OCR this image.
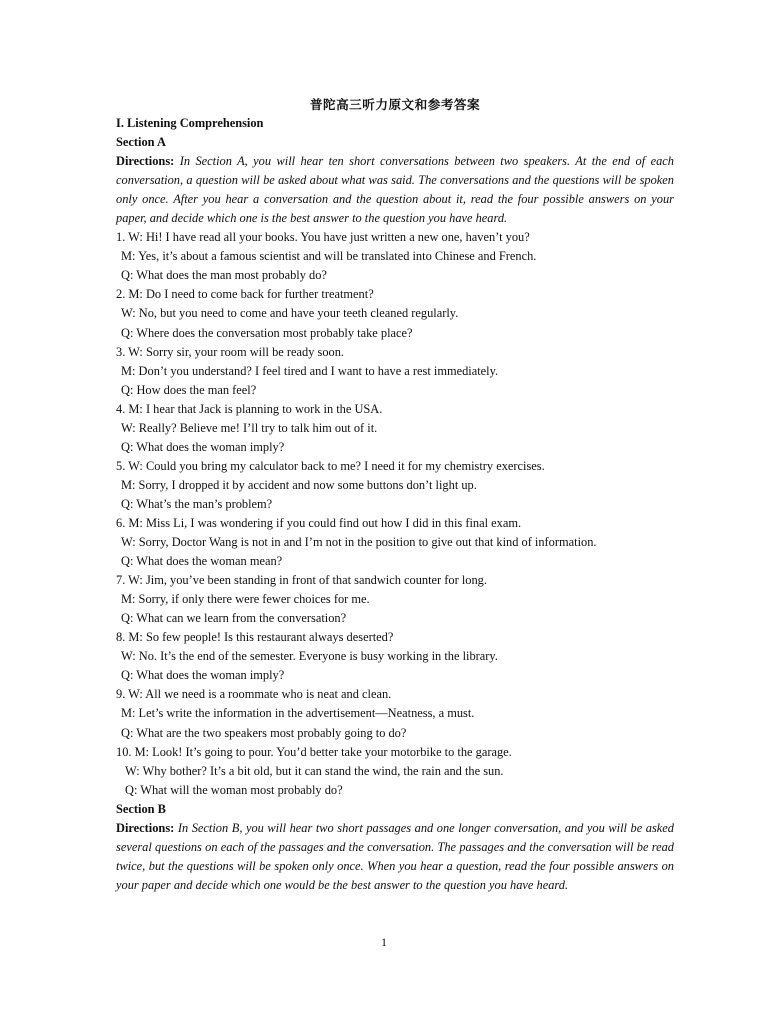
普陀高三听力原文和参考答案
I. Listening Comprehension
Section A
Directions: In Section A, you will hear ten short conversations between two speakers. At the end of each conversation, a question will be asked about what was said. The conversations and the questions will be spoken only once. After you hear a conversation and the question about it, read the four possible answers on your paper, and decide which one is the best answer to the question you have heard.
1. W: Hi! I have read all your books. You have just written a new one, haven’t you?
M: Yes, it’s about a famous scientist and will be translated into Chinese and French.
Q: What does the man most probably do?
2. M: Do I need to come back for further treatment?
W: No, but you need to come and have your teeth cleaned regularly.
Q: Where does the conversation most probably take place?
3. W: Sorry sir, your room will be ready soon.
M: Don’t you understand? I feel tired and I want to have a rest immediately.
Q: How does the man feel?
4. M: I hear that Jack is planning to work in the USA.
W: Really? Believe me! I’ll try to talk him out of it.
Q: What does the woman imply?
5. W: Could you bring my calculator back to me? I need it for my chemistry exercises.
M: Sorry, I dropped it by accident and now some buttons don’t light up.
Q: What’s the man’s problem?
6. M: Miss Li, I was wondering if you could find out how I did in this final exam.
W: Sorry, Doctor Wang is not in and I’m not in the position to give out that kind of information.
Q: What does the woman mean?
7. W: Jim, you’ve been standing in front of that sandwich counter for long.
M: Sorry, if only there were fewer choices for me.
Q: What can we learn from the conversation?
8. M: So few people! Is this restaurant always deserted?
W: No. It’s the end of the semester. Everyone is busy working in the library.
Q: What does the woman imply?
9. W: All we need is a roommate who is neat and clean.
M: Let’s write the information in the advertisement—Neatness, a must.
Q: What are the two speakers most probably going to do?
10. M: Look! It’s going to pour. You’d better take your motorbike to the garage.
W: Why bother? It’s a bit old, but it can stand the wind, the rain and the sun.
Q: What will the woman most probably do?
Section B
Directions: In Section B, you will hear two short passages and one longer conversation, and you will be asked several questions on each of the passages and the conversation. The passages and the conversation will be read twice, but the questions will be spoken only once. When you hear a question, read the four possible answers on your paper and decide which one would be the best answer to the question you have heard.
1
